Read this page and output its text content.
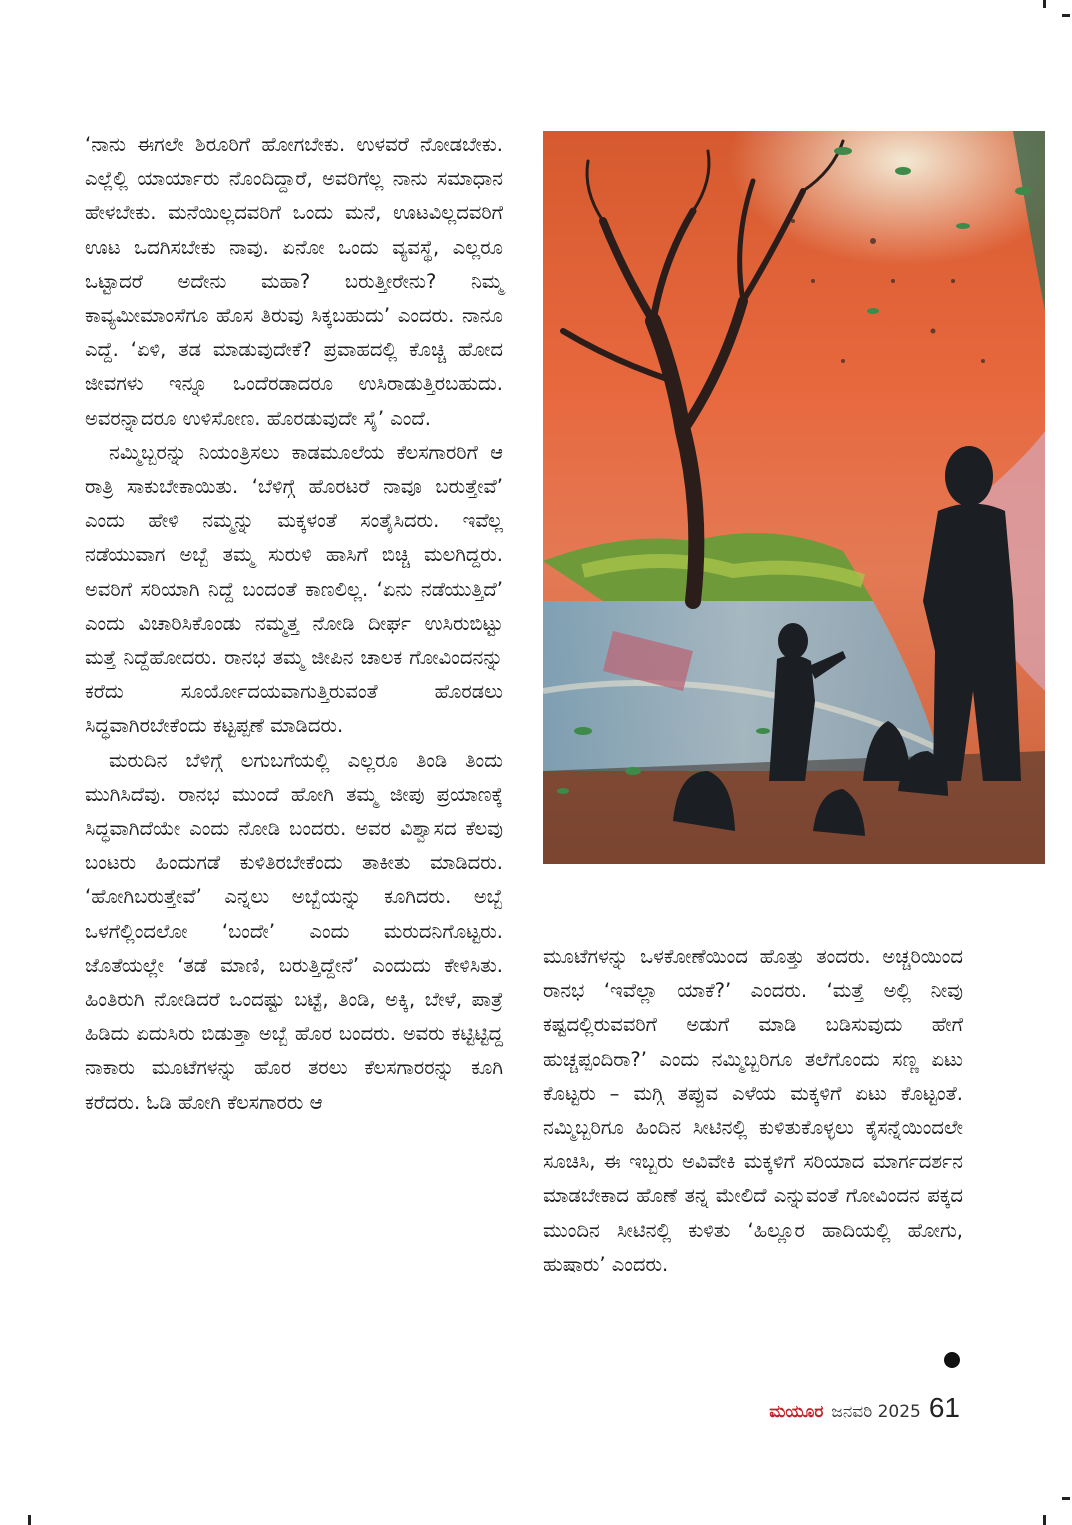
‘ನಾನು ಈಗಲೇ ಶಿರೂರಿಗೆ ಹೋಗಬೇಕು. ಉಳವರೆ ನೋಡಬೇಕು. ಎಲ್ಲೆಲ್ಲಿ ಯಾರ್ಯಾರು ನೊಂದಿದ್ದಾರೆ, ಅವರಿಗೆಲ್ಲ ನಾನು ಸಮಾಧಾನ ಹೇಳಬೇಕು. ಮನೆಯಿಲ್ಲದವರಿಗೆ ಒಂದು ಮನೆ, ಊಟವಿಲ್ಲದವರಿಗೆ ಊಟ ಒದಗಿಸಬೇಕು ನಾವು. ಏನೋ ಒಂದು ವ್ಯವಸ್ಥೆ, ಎಲ್ಲರೂ ಒಟ್ಟಾದರೆ ಅದೇನು ಮಹಾ? ಬರುತ್ತೀರೇನು? ನಿಮ್ಮ ಕಾವ್ಯಮೀಮಾಂಸೆಗೂ ಹೊಸ ತಿರುವು ಸಿಕ್ಕಬಹುದು’ ಎಂದರು. ನಾನೂ ಎದ್ದೆ. ‘ಏಳಿ, ತಡ ಮಾಡುವುದೇಕೆ? ಪ್ರವಾಹದಲ್ಲಿ ಕೊಚ್ಚಿ ಹೋದ ಜೀವಗಳು ಇನ್ನೂ ಒಂದೆರಡಾದರೂ ಉಸಿರಾಡುತ್ತಿರಬಹುದು. ಅವರನ್ನಾದರೂ ಉಳಿಸೋಣ. ಹೊರಡುವುದೇ ಸೈ’ ಎಂದೆ.

ನಮ್ಮಿಬ್ಬರನ್ನು ನಿಯಂತ್ರಿಸಲು ಕಾಡಮೂಲೆಯ ಕೆಲಸಗಾರರಿಗೆ ಆ ರಾತ್ರಿ ಸಾಕುಬೇಕಾಯಿತು. ‘ಬೆಳಿಗ್ಗೆ ಹೊರಟರೆ ನಾವೂ ಬರುತ್ತೇವೆ’ ಎಂದು ಹೇಳಿ ನಮ್ಮನ್ನು ಮಕ್ಕಳಂತೆ ಸಂತೈಸಿದರು. ಇವೆಲ್ಲ ನಡೆಯುವಾಗ ಅಬ್ಬೆ ತಮ್ಮ ಸುರುಳಿ ಹಾಸಿಗೆ ಬಿಚ್ಚಿ ಮಲಗಿದ್ದರು. ಅವರಿಗೆ ಸರಿಯಾಗಿ ನಿದ್ದೆ ಬಂದಂತೆ ಕಾಣಲಿಲ್ಲ. ‘ಏನು ನಡೆಯುತ್ತಿದೆ’ ಎಂದು ವಿಚಾರಿಸಿಕೊಂಡು ನಮ್ಮತ್ತ ನೋಡಿ ದೀರ್ಘ ಉಸಿರುಬಿಟ್ಟು ಮತ್ತೆ ನಿದ್ದೆಹೋದರು. ರಾನಭ ತಮ್ಮ ಜೀಪಿನ ಚಾಲಕ ಗೋವಿಂದನನ್ನು ಕರೆದು ಸೂರ್ಯೋದಯವಾಗುತ್ತಿರುವಂತೆ ಹೊರಡಲು ಸಿದ್ಧವಾಗಿರಬೇಕೆಂದು ಕಟ್ಟಪ್ಪಣೆ ಮಾಡಿದರು.

ಮರುದಿನ ಬೆಳಿಗ್ಗೆ ಲಗುಬಗೆಯಲ್ಲಿ ಎಲ್ಲರೂ ತಿಂಡಿ ತಿಂದು ಮುಗಿಸಿದೆವು. ರಾನಭ ಮುಂದೆ ಹೋಗಿ ತಮ್ಮ ಜೀಪು ಪ್ರಯಾಣಕ್ಕೆ ಸಿದ್ಧವಾಗಿದೆಯೇ ಎಂದು ನೋಡಿ ಬಂದರು. ಅವರ ವಿಶ್ವಾಸದ ಕೆಲವು ಬಂಟರು ಹಿಂದುಗಡೆ ಕುಳಿತಿರಬೇಕೆಂದು ತಾಕೀತು ಮಾಡಿದರು. ‘ಹೋಗಿಬರುತ್ತೇವೆ’ ಎನ್ನಲು ಅಬ್ಬೆಯನ್ನು ಕೂಗಿದರು. ಅಬ್ಬೆ ಒಳಗೆಲ್ಲಿಂದಲೋ ‘ಬಂದೇ’ ಎಂದು ಮರುದನಿಗೊಟ್ಟರು. ಜೊತೆಯಲ್ಲೇ ‘ತಡೆ ಮಾಣಿ, ಬರುತ್ತಿದ್ದೇನೆ’ ಎಂದುದು ಕೇಳಿಸಿತು. ಹಿಂತಿರುಗಿ ನೋಡಿದರೆ ಒಂದಷ್ಟು ಬಟ್ಟೆ, ತಿಂಡಿ, ಅಕ್ಕಿ, ಬೇಳೆ, ಪಾತ್ರೆ ಹಿಡಿದು ಏದುಸಿರು ಬಿಡುತ್ತಾ ಅಬ್ಬೆ ಹೊರ ಬಂದರು. ಅವರು ಕಟ್ಟಿಟ್ಟಿದ್ದ ನಾಕಾರು ಮೂಟೆಗಳನ್ನು ಹೊರ ತರಲು ಕೆಲಸಗಾರರನ್ನು ಕೂಗಿ ಕರೆದರು. ಓಡಿ ಹೋಗಿ ಕೆಲಸಗಾರರು ಆ

ಮೂಟೆಗಳನ್ನು ಒಳಕೋಣೆಯಿಂದ ಹೊತ್ತು ತಂದರು. ಅಚ್ಚರಿಯಿಂದ ರಾನಭ ‘ಇವೆಲ್ಲಾ ಯಾಕೆ?’ ಎಂದರು. ‘ಮತ್ತೆ ಅಲ್ಲಿ ನೀವು ಕಷ್ಟದಲ್ಲಿರುವವರಿಗೆ ಅಡುಗೆ ಮಾಡಿ ಬಡಿಸುವುದು ಹೇಗೆ ಹುಚ್ಚಪ್ಪಂದಿರಾ?’ ಎಂದು ನಮ್ಮಿಬ್ಬರಿಗೂ ತಲೆಗೊಂದು ಸಣ್ಣ ಏಟು ಕೊಟ್ಟರು – ಮಗ್ಗಿ ತಪ್ಪುವ ಎಳೆಯ ಮಕ್ಕಳಿಗೆ ಏಟು ಕೊಟ್ಟಂತೆ. ನಮ್ಮಿಬ್ಬರಿಗೂ ಹಿಂದಿನ ಸೀಟಿನಲ್ಲಿ ಕುಳಿತುಕೊಳ್ಳಲು ಕೈಸನ್ನೆಯಿಂದಲೇ ಸೂಚಿಸಿ, ಈ ಇಬ್ಬರು ಅವಿವೇಕಿ ಮಕ್ಕಳಿಗೆ ಸರಿಯಾದ ಮಾರ್ಗದರ್ಶನ ಮಾಡಬೇಕಾದ ಹೊಣೆ ತನ್ನ ಮೇಲಿದೆ ಎನ್ನುವಂತೆ ಗೋವಿಂದನ ಪಕ್ಕದ ಮುಂದಿನ ಸೀಟಿನಲ್ಲಿ ಕುಳಿತು ‘ಹಿಲ್ಲೂರ ಹಾದಿಯಲ್ಲಿ ಹೋಗು, ಹುಷಾರು’ ಎಂದರು.

ಮಯೂರ ಜನವರಿ 2025 61
